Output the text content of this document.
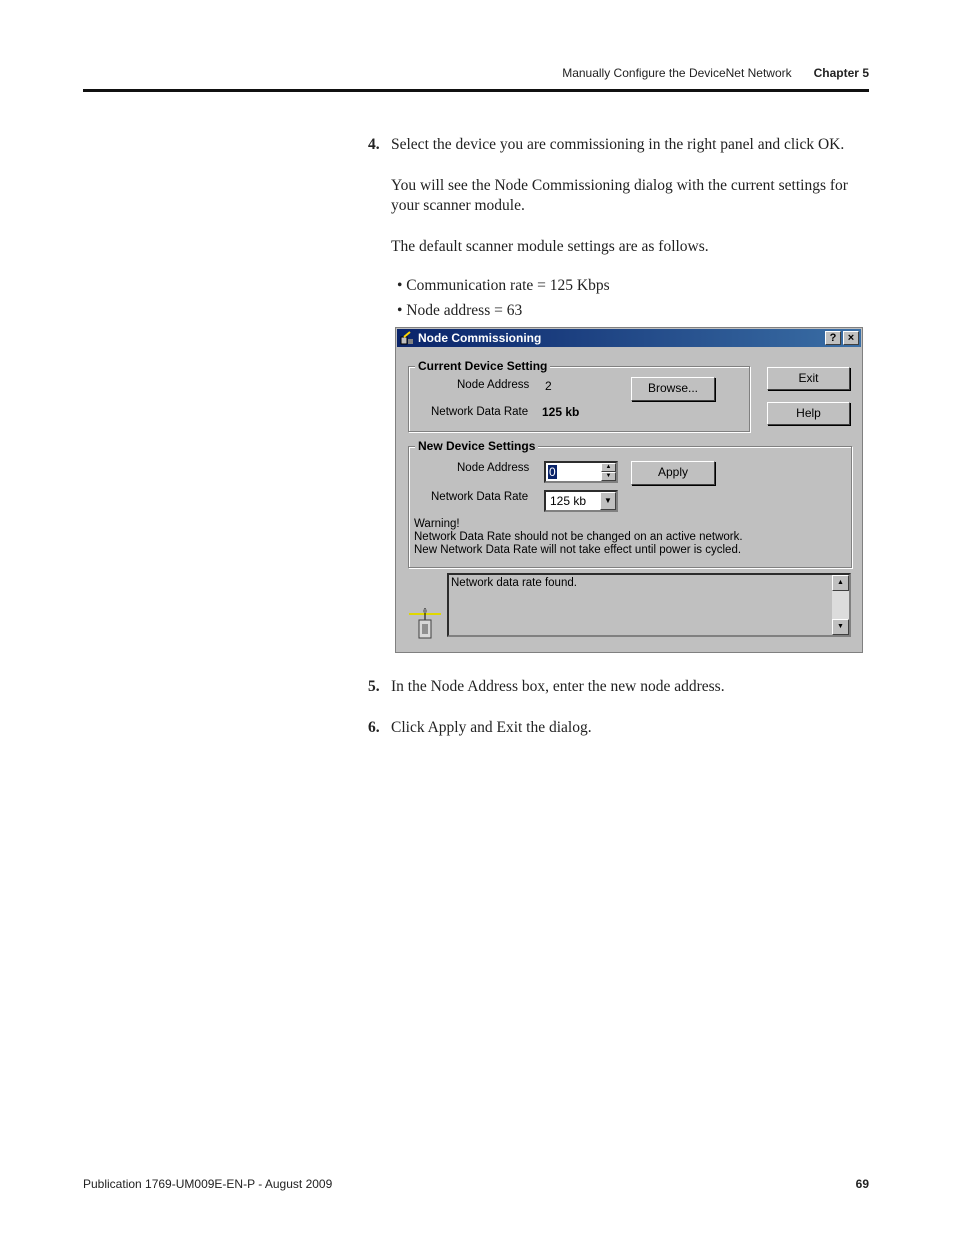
Manually Configure the DeviceNet Network Chapter 5
4. Select the device you are commissioning in the right panel and click OK.
You will see the Node Commissioning dialog with the current settings for your scanner module.
The default scanner module settings are as follows.
• Communication rate = 125 Kbps
• Node address = 63
Node Commissioning	?	×
Current Device Setting
Node Address 2
Network Data Rate 125 kb
Browse...
Exit
Help
New Device Settings
Node Address 0	▲
▼	Apply
Network Data Rate 125 kb	▼
Warning!
Network Data Rate should not be changed on an active network.
New Network Data Rate will not take effect until power is cycled.
Network data rate found.	▲
▼
5. In the Node Address box, enter the new node address.
6. Click Apply and Exit the dialog.
Publication 1769-UM009E-EN-P - August 2009	69
